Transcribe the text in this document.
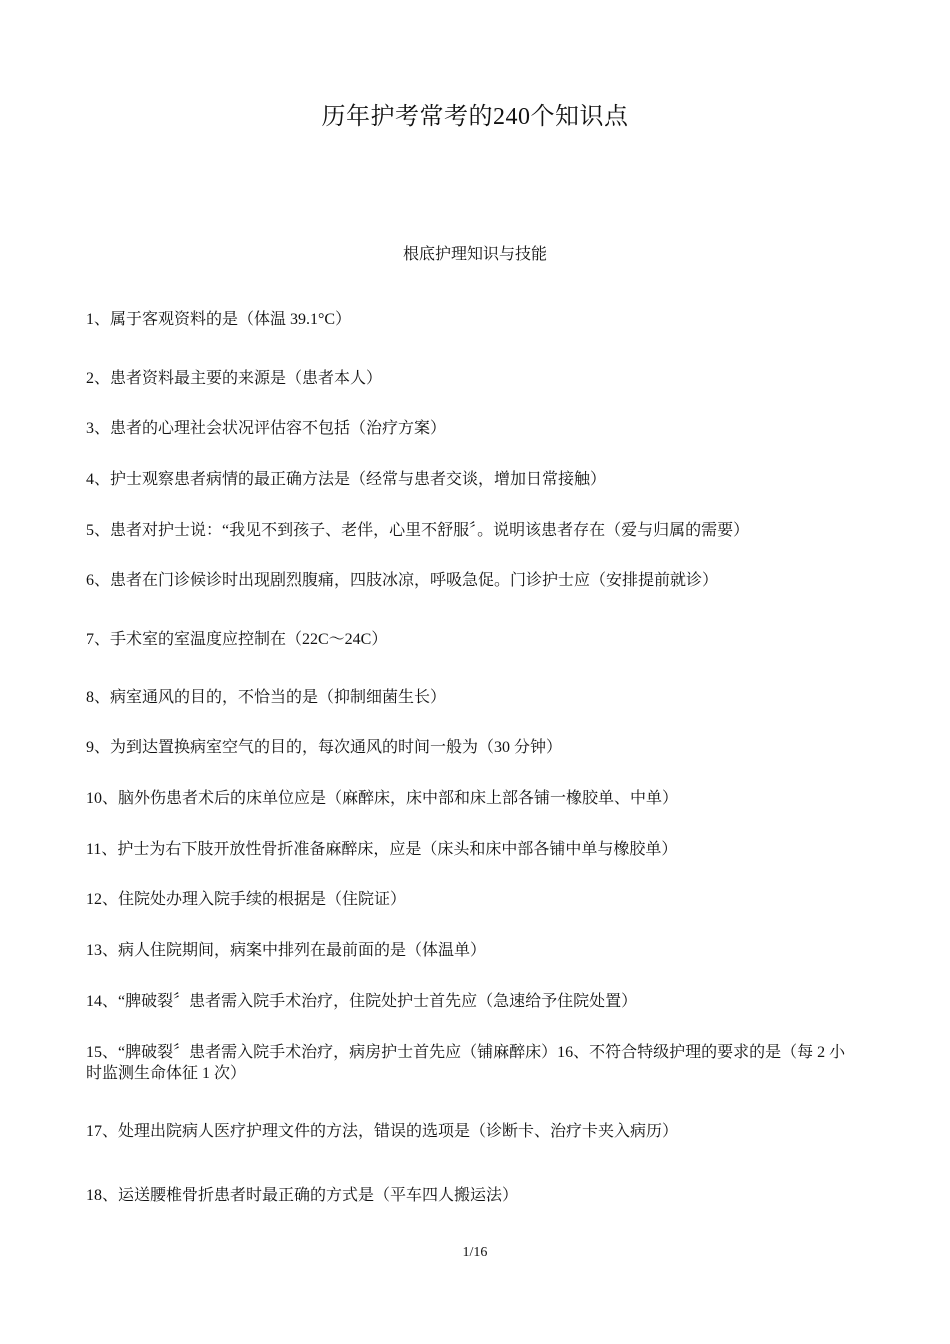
历年护考常考的240个知识点
根底护理知识与技能
1、属于客观资料的是（体温 39.1°C）
2、患者资料最主要的来源是（患者本人）
3、患者的心理社会状况评估容不包括（治疗方案）
4、护士观察患者病情的最正确方法是（经常与患者交谈，增加日常接触）
5、患者对护士说：“我见不到孩子、老伴，心里不舒服〞。说明该患者存在（爱与归属的需要）
6、患者在门诊候诊时出现剧烈腹痛，四肢冰凉，呼吸急促。门诊护士应（安排提前就诊）
7、手术室的室温度应控制在（22C〜24C）
8、病室通风的目的，不恰当的是（抑制细菌生长）
9、为到达置换病室空气的目的，每次通风的时间一般为（30 分钟）
10、脑外伤患者术后的床单位应是（麻醉床，床中部和床上部各铺一橡胶单、中单）
11、护士为右下肢开放性骨折准备麻醉床，应是（床头和床中部各铺中单与橡胶单）
12、住院处办理入院手续的根据是（住院证）
13、病人住院期间，病案中排列在最前面的是（体温单）
14、“脾破裂〞患者需入院手术治疗，住院处护士首先应（急速给予住院处置）
15、“脾破裂〞患者需入院手术治疗，病房护士首先应（铺麻醉床）16、不符合特级护理的要求的是（每 2 小时监测生命体征 1 次）
17、处理出院病人医疗护理文件的方法，错误的选项是（诊断卡、治疗卡夹入病历）
18、运送腰椎骨折患者时最正确的方式是（平车四人搬运法）
1/16
